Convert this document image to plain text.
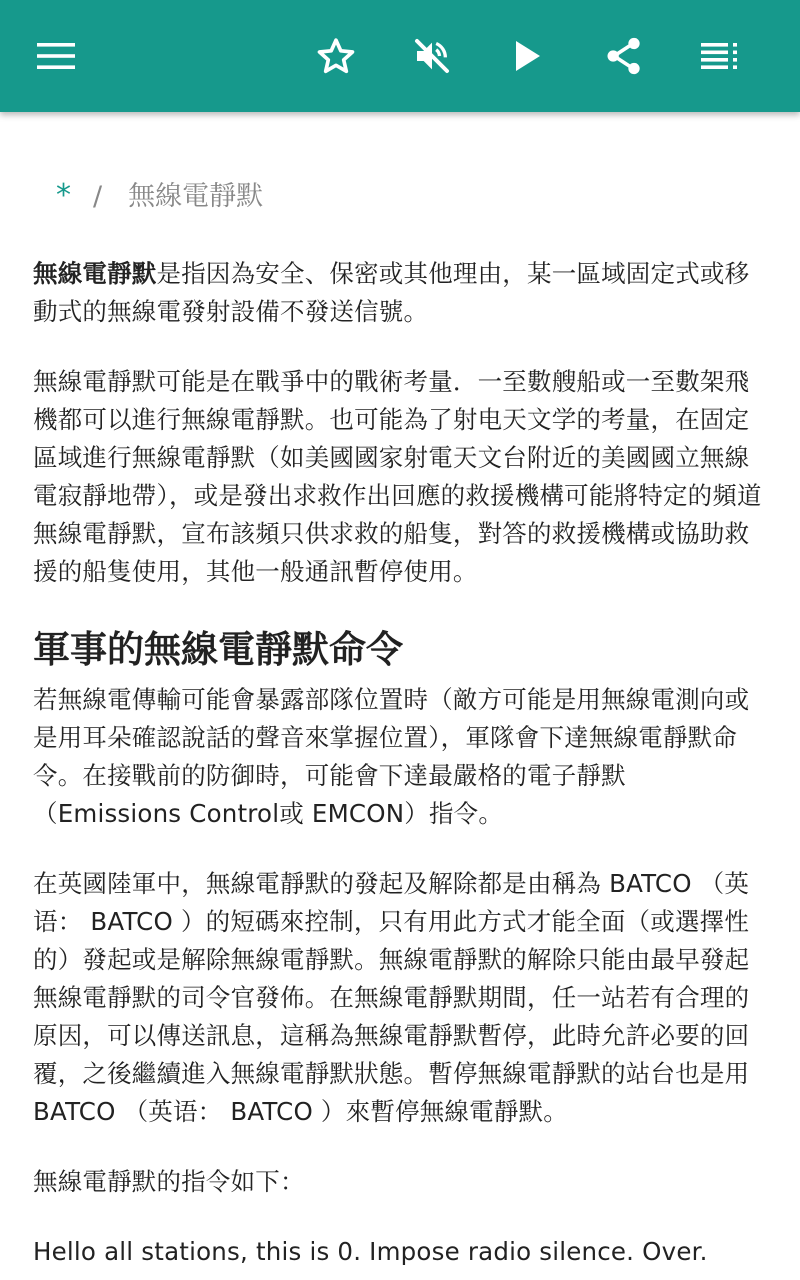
* / 無線電靜默

無線電靜默是指因為安全、保密或其他理由，某一區域固定式或移動式的無線電發射設備不發送信號。

無線電靜默可能是在戰爭中的戰術考量．一至數艘船或一至數架飛機都可以進行無線電靜默。也可能為了射电天文学的考量，在固定區域進行無線電靜默（如美國國家射電天文台附近的美國國立無線電寂靜地帶），或是發出求救作出回應的救援機構可能將特定的頻道無線電靜默，宣布該頻只供求救的船隻，對答的救援機構或協助救援的船隻使用，其他一般通訊暫停使用。

軍事的無線電靜默命令

若無線電傳輸可能會暴露部隊位置時（敵方可能是用無線電測向或是用耳朵確認說話的聲音來掌握位置），軍隊會下達無線電靜默命令。在接戰前的防御時，可能會下達最嚴格的電子靜默（Emissions Control或 EMCON）指令。

在英國陸軍中，無線電靜默的發起及解除都是由稱為 BATCO （英语： BATCO ）的短碼來控制，只有用此方式才能全面（或選擇性的）發起或是解除無線電靜默。無線電靜默的解除只能由最早發起無線電靜默的司令官發佈。在無線電靜默期間，任一站若有合理的原因，可以傳送訊息，這稱為無線電靜默暫停，此時允許必要的回覆，之後繼續進入無線電靜默狀態。暫停無線電靜默的站台也是用 BATCO （英语： BATCO ）來暫停無線電靜默。

無線電靜默的指令如下：

Hello all stations, this is 0. Impose radio silence. Over.
